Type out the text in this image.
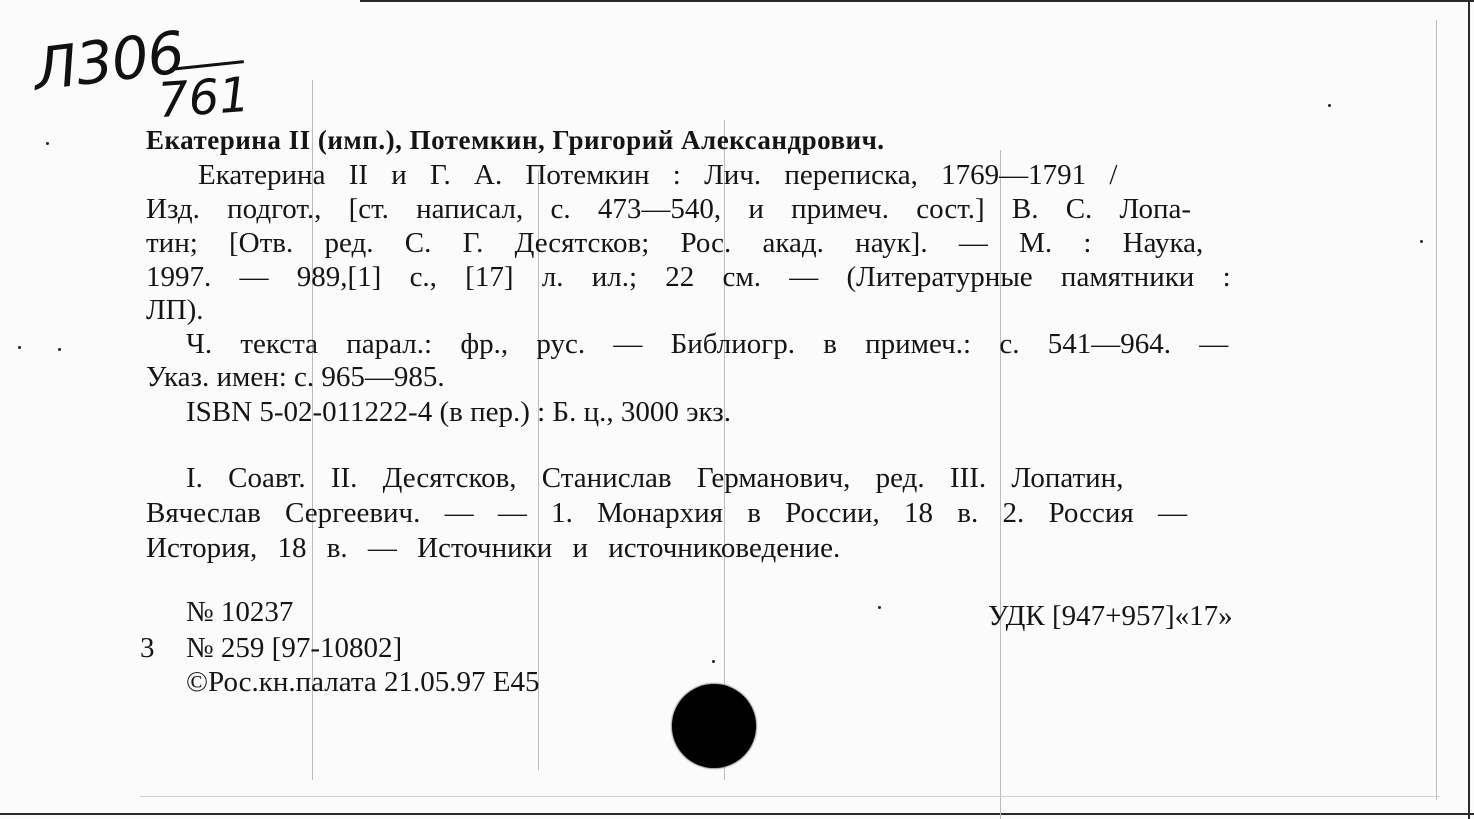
Л306
761
Екатерина II (имп.), Потемкин, Григорий Александрович.
Екатерина II и Г. А. Потемкин : Лич. переписка, 1769—1791 /
Изд. подгот., [ст. написал, с. 473—540, и примеч. сост.] В. С. Лопа-
тин; [Отв. ред. С. Г. Десятсков; Рос. акад. наук]. — М. : Наука,
1997. — 989,[1] с., [17] л. ил.; 22 см. — (Литературные памятники :
ЛП).
Ч. текста парал.: фр., рус. — Библиогр. в примеч.: с. 541—964. —
Указ. имен: с. 965—985.
ISBN 5-02-011222-4 (в пер.) : Б. ц., 3000 экз.
I. Соавт. II. Десятсков, Станислав Германович, ред. III. Лопатин,
Вячеслав Сергеевич. — — 1. Монархия в России, 18 в. 2. Россия —
История, 18 в. — Источники и источниковедение.
№ 10237
3 № 259 [97-10802]
©Рос.кн.палата 21.05.97 Е45
УДК [947+957]«17»
